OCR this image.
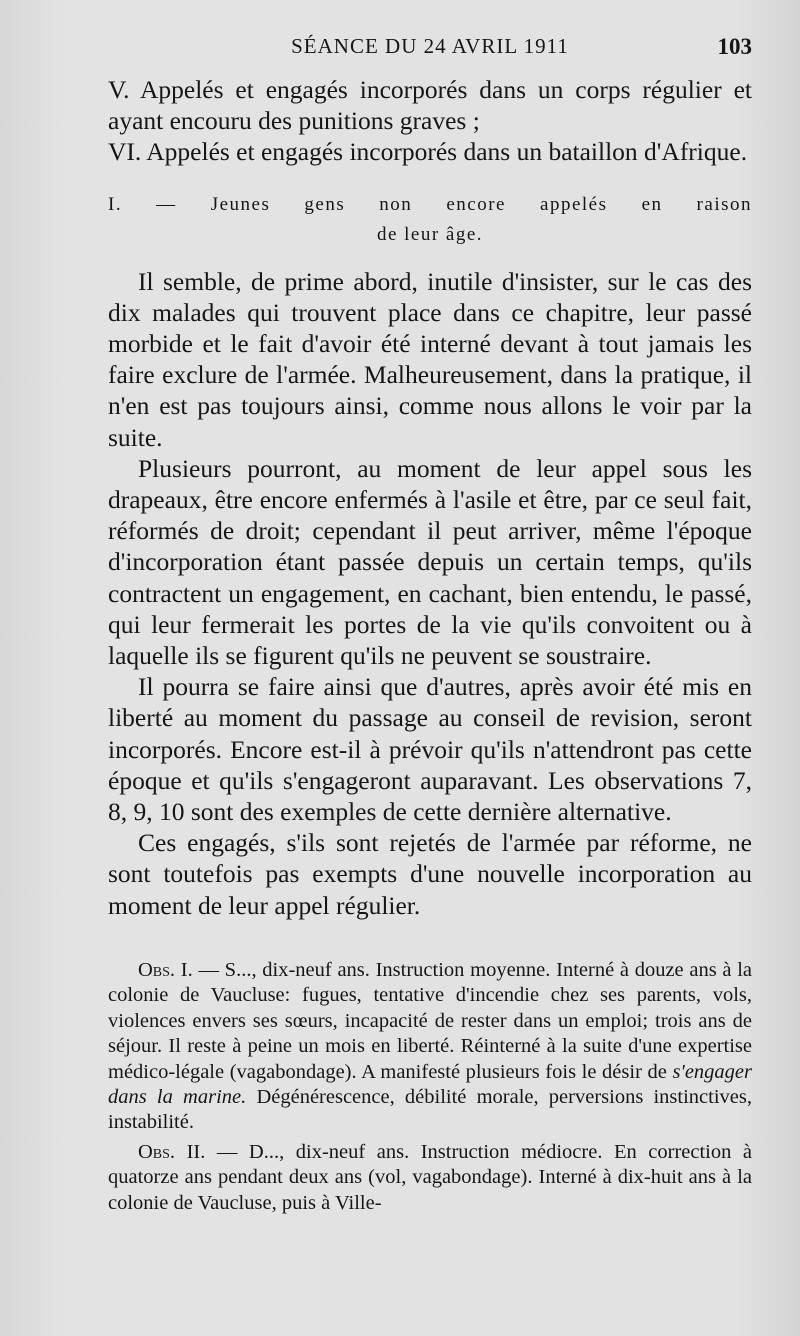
SÉANCE DU 24 AVRIL 1911	103

V. Appelés et engagés incorporés dans un corps régulier et ayant encouru des punitions graves ;

VI. Appelés et engagés incorporés dans un bataillon d'Afrique.

I. — Jeunes gens non encore appelés en raison
de leur âge.

Il semble, de prime abord, inutile d'insister, sur le cas des dix malades qui trouvent place dans ce chapitre, leur passé morbide et le fait d'avoir été interné devant à tout jamais les faire exclure de l'armée. Malheureusement, dans la pratique, il n'en est pas toujours ainsi, comme nous allons le voir par la suite.

Plusieurs pourront, au moment de leur appel sous les drapeaux, être encore enfermés à l'asile et être, par ce seul fait, réformés de droit; cependant il peut arriver, même l'époque d'incorporation étant passée depuis un certain temps, qu'ils contractent un engagement, en cachant, bien entendu, le passé, qui leur fermerait les portes de la vie qu'ils convoitent ou à laquelle ils se figurent qu'ils ne peuvent se soustraire.

Il pourra se faire ainsi que d'autres, après avoir été mis en liberté au moment du passage au conseil de revision, seront incorporés. Encore est-il à prévoir qu'ils n'attendront pas cette époque et qu'ils s'engageront auparavant. Les observations 7, 8, 9, 10 sont des exemples de cette dernière alternative.

Ces engagés, s'ils sont rejetés de l'armée par réforme, ne sont toutefois pas exempts d'une nouvelle incorporation au moment de leur appel régulier.

Obs. I. — S..., dix-neuf ans. Instruction moyenne. Interné à douze ans à la colonie de Vaucluse: fugues, tentative d'incendie chez ses parents, vols, violences envers ses sœurs, incapacité de rester dans un emploi; trois ans de séjour. Il reste à peine un mois en liberté. Réinterné à la suite d'une expertise médico-légale (vagabondage). A manifesté plusieurs fois le désir de s'engager dans la marine. Dégénérescence, débilité morale, perversions instinctives, instabilité.

Obs. II. — D..., dix-neuf ans. Instruction médiocre. En correction à quatorze ans pendant deux ans (vol, vagabondage). Interné à dix-huit ans à la colonie de Vaucluse, puis à Ville-
